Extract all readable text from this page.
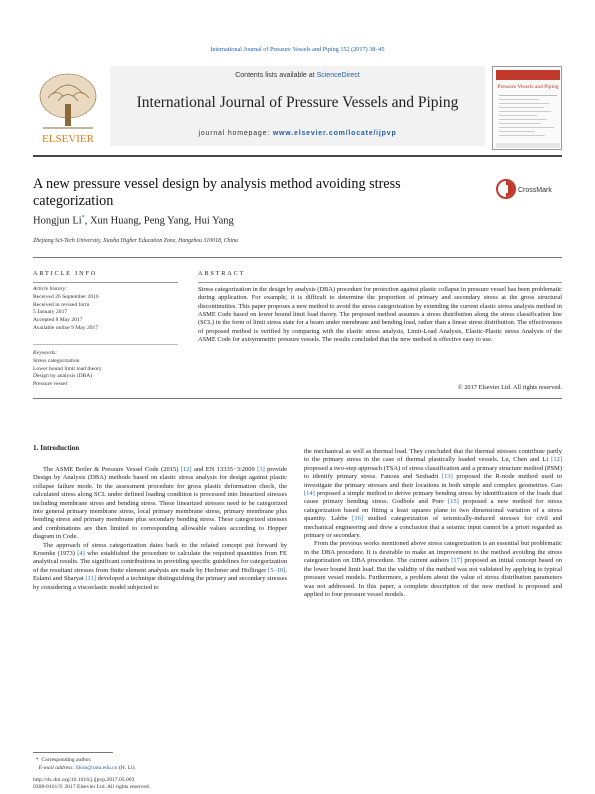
International Journal of Pressure Vessels and Piping 152 (2017) 38–45
ELSEVIER
Contents lists available at ScienceDirect
International Journal of Pressure Vessels and Piping
journal homepage: www.elsevier.com/locate/ijpvp
Pressure Vessels and Piping
A new pressure vessel design by analysis method avoiding stress categorization
CrossMark
Hongjun Li*, Xun Huang, Peng Yang, Hui Yang
Zhejiang Sci-Tech University, Xiasha Higher Education Zone, Hangzhou 310018, China
ARTICLE INFO	ABSTRACT
Article history:
Received 26 September 2016
Received in revised form
5 January 2017
Accepted 8 May 2017
Available online 9 May 2017
Keywords:
Stress categorization
Lower bound limit load theory
Design by analysis (DBA)
Pressure vessel
Stress categorization in the design by analysis (DBA) procedure for protection against plastic collapse in pressure vessel has been problematic during application. For example, it is difficult to determine the proportion of primary and secondary stress at the gross structural discontinuities. This paper proposes a new method to avoid the stress categorization by extending the current elastic stress analysis method in ASME Code based on lower bound limit load theory. The proposed method assumes a stress distribution along the stress classification line (SCL) in the form of limit stress state for a beam under membrane and bending load, rather than a linear stress distribution. The effectiveness of proposed method is verified by comparing with the elastic stress analysis, Limit-Load Analysis, Elastic-Plastic stress Analysis of the ASME Code for axisymmetric pressure vessels. The results concluded that the new method is effective easy to use.
© 2017 Elsevier Ltd. All rights reserved.
1. Introduction

The ASME Boiler & Pressure Vessel Code (2015) [12] and EN 13335−3:2009 [3] provide Design by Analysis (DBA) methods based on elastic stress analysis for design against plastic collapse failure mode. In the assessment procedure for gross plastic deformation check, the calculated stress along SCL under defined loading condition is processed into linearized stresses including membrane stress and bending stress. These linearized stresses need to be categorized into general primary membrane stress, local primary membrane stress, primary membrane plus bending stress and primary membrane plus secondary bending stress. These categorized stresses and combinations are then limited to corresponding allowable values according to Hopper diagram in Code.

The approach of stress categorization dates back to the related concept put forward by Kroenke (1973) [4] who established the procedure to calculate the required quantities from FE analytical results. The significant contributions in providing specific guidelines for categorization of the resultant stresses from finite element analysis are made by Hechmer and Hollinger [5–10]. Eslami and Sharyat [11] developed a technique distinguishing the primary and secondary stresses by considering a viscoelastic model subjected to

the mechanical as well as thermal load. They concluded that the thermal stresses contribute partly to the primary stress in the case of thermal plastically loaded vessels. Lu, Chen and Li [12] proposed a two-step approach (TSA) of stress classification and a primary structure method (PSM) to identify primary stress. Fanous and Seshadri [13] proposed the R-node method used to investigate the primary stresses and their locations in both simple and complex geometries. Gao [14] proposed a simple method to derive primary bending stress by identification of the loads that cause primary bending stress. Godbole and Pore [15] proposed a new method for stress categorization based on fitting a least squares plane to two dimensional variation of a stress quantity. Labbe [16] studied categorization of seismically-induced stresses for civil and mechanical engineering and drew a conclusion that a seismic input cannot be a priori regarded as primary or secondary.

From the previous works mentioned above stress categorization is an essential but problematic in the DBA procedure. It is desirable to make an improvement to the method avoiding the stress categorization on DBA procedure. The current authors [17] proposed an initial concept based on the lower bound limit load. But the validity of the method was not validated by applying to typical pressure vessel models. Furthermore, a problem about the value of stress distribution parameters was not addressed. In this paper, a complete description of the new method is proposed and applied to four pressure vessel models.

* Corresponding author.
E-mail address: lihon@zstu.edu.cn (H. Li).
http://dx.doi.org/10.1016/j.ijpvp.2017.05.003
0308-0161/© 2017 Elsevier Ltd. All rights reserved.
